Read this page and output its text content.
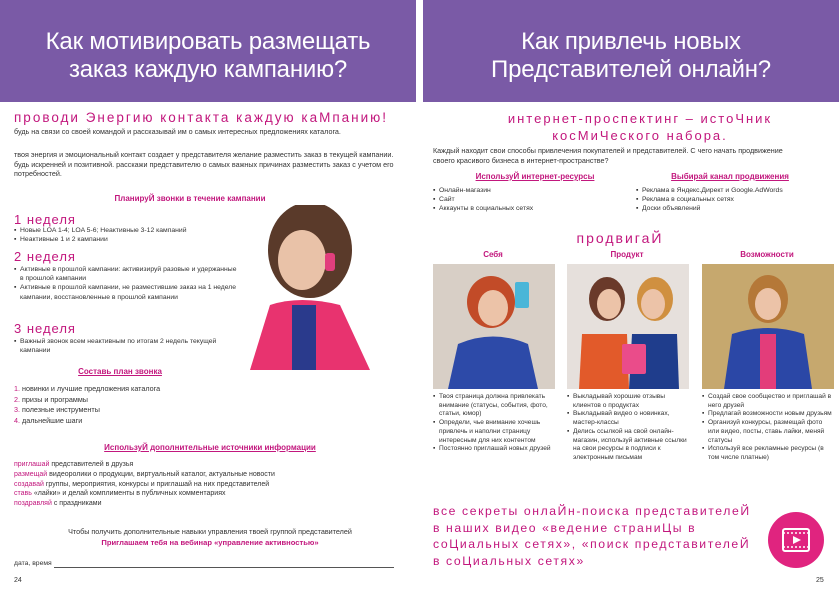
Как мотивировать размещать заказ каждую кампанию?
Как привлечь новых Представителей онлайн?
проводи Энергию контакта каждую каМпанию!
будь на связи со своей командой и рассказывай им о самых интересных предложениях каталога.
твоя энергия и эмоциональный контакт создает у представителя желание разместить заказ в текущей кампании. будь искренней и позитивной. расскажи представителю о самых важных причинах разместить заказ с учетом его потребностей.
ПланируЙ звонки в течение кампании
1 неделя
▪ Новые LOA 1-4; LOA 5-6; Неактивные 3-12 кампаний
▪ Неактивные 1 и 2 кампании
2 неделя
▪ Активные в прошлой кампании: активизируй разовые и удержанные в прошлой кампании
▪ Активные в прошлой кампании, не разместившие заказ на 1 неделе кампании, восстановленные в прошлой кампании
3 неделя
▪ Важный звонок всем неактивным по итогам 2 недель текущей кампании
Составь план звонка
1. новинки и лучшие предложения каталога
2. призы и программы
3. полезные инструменты
4. дальнейшие шаги
ИспользуЙ дополнительные источники информации
приглашай представителей в друзья
размещай видеоролики о продукции, виртуальный каталог, актуальные новости
создавай группы, мероприятия, конкурсы и приглашай на них представителей
ставь «лайки» и делай комплименты в публичных комментариях
поздравляй с праздниками
Чтобы получить дополнительные навыки управления твоей группой представителей
Приглашаем тебя на вебинар «управление активностью»
дата, время
24
интернет-проспектинг – истоЧник косМиЧеского набора.
Каждый находит свои способы привлечения покупателей и представителей. С чего начать продвижение своего красивого бизнеса в интернет-пространстве?
ИспользуЙ интернет-ресурсы
▪ Онлайн-магазин
▪ Сайт
▪ Аккаунты в социальных сетях
Выбирай канал продвижения
▪ Реклама в Яндекс.Директ и Google.AdWords
▪ Реклама в социальных сетях
▪ Доски объявлений
продвигаЙ
Себя	Продукт	Возможности
▪ Твоя страница должна привлекать внимание (статусы, события, фото, статьи, юмор)
▪ Определи, чье внимание хочешь привлечь и наполни страницу интересным для них контентом
▪ Постоянно приглашай новых друзей
▪ Выкладывай хорошие отзывы клиентов о продуктах
▪ Выкладывай видео о новинках, мастер-классы
▪ Делись ссылкой на свой онлайн-магазин, используй активные ссылки на свои ресурсы в подписи к электронным письмам
▪ Создай свое сообщество и приглашай в него друзей
▪ Предлагай возможности новым друзьям
▪ Организуй конкурсы, размещай фото или видео, посты, ставь лайки, меняй статусы
▪ Используй все рекламные ресурсы (в том числе платные)
все секреты онлаЙн-поиска представителеЙ в наших видео «ведение страниЦы в соЦиальных сетях», «поиск представителеЙ в соЦиальных сетях»
25
